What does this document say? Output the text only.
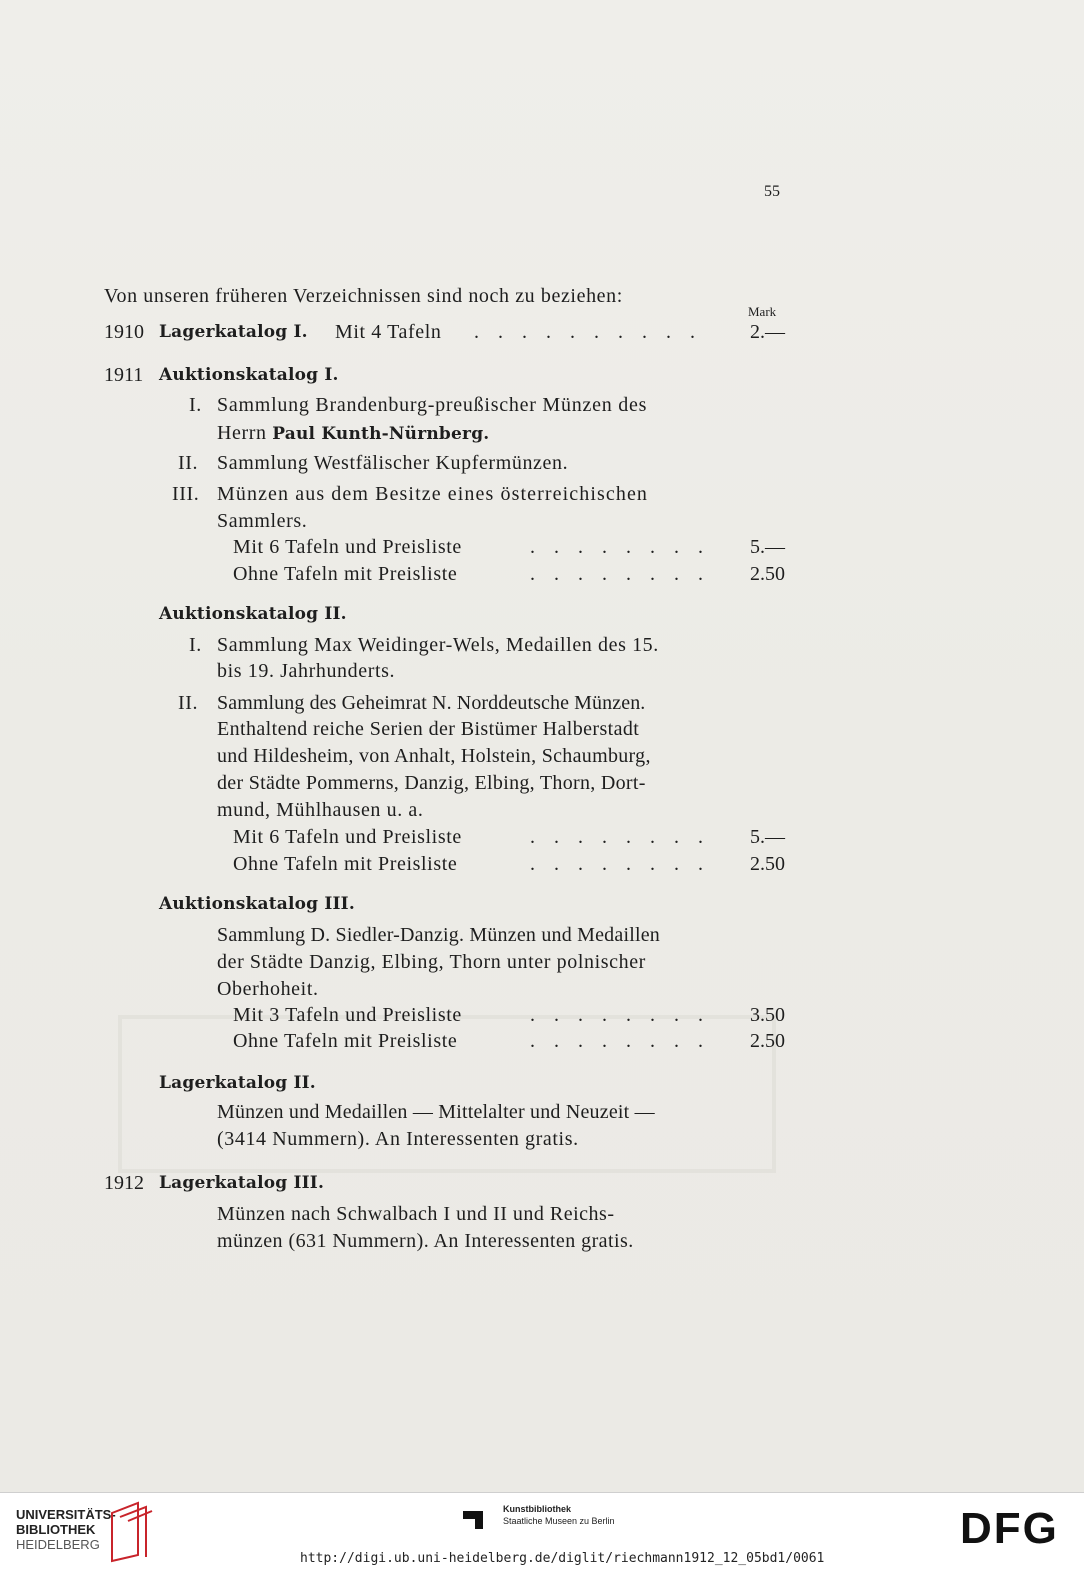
55
Von unseren früheren Verzeichnissen sind noch zu beziehen:
Mark
1910 Lagerkatalog I. Mit 4 Tafeln . . . . . . . . . . 2.—
1911 Auktionskatalog I.
I. Sammlung Brandenburg-preußischer Münzen des
Herrn Paul Kunth-Nürnberg.
II. Sammlung Westfälischer Kupfermünzen.
III. Münzen aus dem Besitze eines österreichischen
Sammlers.
Mit 6 Tafeln und Preisliste	. . . . . . . . 5.—
Ohne Tafeln mit Preisliste	. . . . . . . . 2.50
Auktionskatalog II.
I. Sammlung Max Weidinger-Wels, Medaillen des 15.
bis 19. Jahrhunderts.
II. Sammlung des Geheimrat N. Norddeutsche Münzen.
Enthaltend reiche Serien der Bistümer Halberstadt
und Hildesheim, von Anhalt, Holstein, Schaumburg,
der Städte Pommerns, Danzig, Elbing, Thorn, Dort-
mund, Mühlhausen u. a.
Mit 6 Tafeln und Preisliste	. . . . . . . . 5.—
Ohne Tafeln mit Preisliste	. . . . . . . . 2.50
Auktionskatalog III.
Sammlung D. Siedler-Danzig. Münzen und Medaillen
der Städte Danzig, Elbing, Thorn unter polnischer
Oberhoheit.
Mit 3 Tafeln und Preisliste	. . . . . . . . 3.50
Ohne Tafeln mit Preisliste	. . . . . . . . 2.50
Lagerkatalog II.
Münzen und Medaillen — Mittelalter und Neuzeit —
(3414 Nummern). An Interessenten gratis.
1912 Lagerkatalog III.
Münzen nach Schwalbach I und II und Reichs-
münzen (631 Nummern). An Interessenten gratis.
UNIVERSITÄTS-
BIBLIOTHEK
HEIDELBERG
Kunstbibliothek
Staatliche Museen zu Berlin	DFG
http://digi.ub.uni-heidelberg.de/diglit/riechmann1912_12_05bd1/0061
